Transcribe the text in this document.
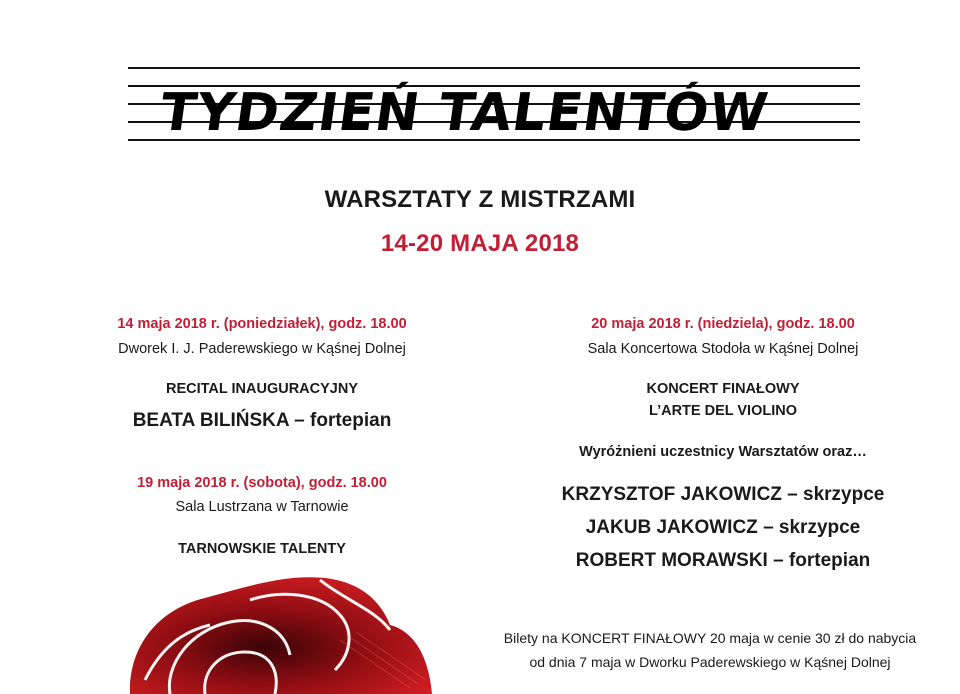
TYDZIEŃ TALENTÓW
WARSZTATY Z MISTRZAMI
14-20 MAJA 2018
14 maja 2018 r. (poniedziałek), godz. 18.00
Dworek I. J. Paderewskiego w Kąśnej Dolnej
RECITAL INAUGURACYJNY
BEATA BILIŃSKA – fortepian
19 maja 2018 r. (sobota), godz. 18.00
Sala Lustrzana w Tarnowie
TARNOWSKIE TALENTY
20 maja 2018 r. (niedziela), godz. 18.00
Sala Koncertowa Stodoła w Kąśnej Dolnej
KONCERT FINAŁOWY
L’ARTE DEL VIOLINO
Wyróżnieni uczestnicy Warsztatów oraz…
KRZYSZTOF JAKOWICZ – skrzypce
JAKUB JAKOWICZ – skrzypce
ROBERT MORAWSKI – fortepian
Bilety na KONCERT FINAŁOWY 20 maja w cenie 30 zł do nabycia
od dnia 7 maja w Dworku Paderewskiego w Kąśnej Dolnej
